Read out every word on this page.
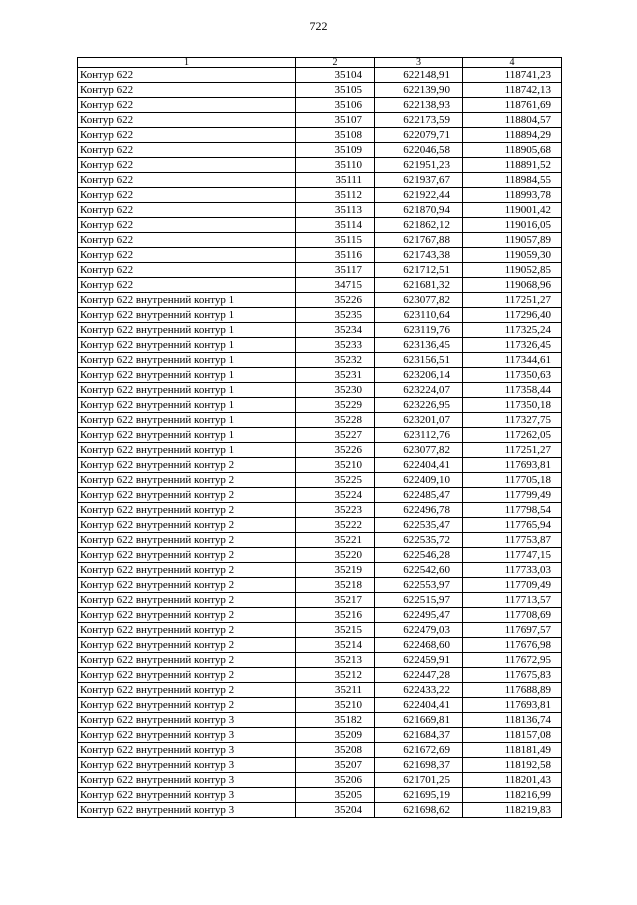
722
1	2	3	4
Контур 622	35104	622148,91	118741,23
Контур 622	35105	622139,90	118742,13
Контур 622	35106	622138,93	118761,69
Контур 622	35107	622173,59	118804,57
Контур 622	35108	622079,71	118894,29
Контур 622	35109	622046,58	118905,68
Контур 622	35110	621951,23	118891,52
Контур 622	35111	621937,67	118984,55
Контур 622	35112	621922,44	118993,78
Контур 622	35113	621870,94	119001,42
Контур 622	35114	621862,12	119016,05
Контур 622	35115	621767,88	119057,89
Контур 622	35116	621743,38	119059,30
Контур 622	35117	621712,51	119052,85
Контур 622	34715	621681,32	119068,96
Контур 622 внутренний контур 1	35226	623077,82	117251,27
Контур 622 внутренний контур 1	35235	623110,64	117296,40
Контур 622 внутренний контур 1	35234	623119,76	117325,24
Контур 622 внутренний контур 1	35233	623136,45	117326,45
Контур 622 внутренний контур 1	35232	623156,51	117344,61
Контур 622 внутренний контур 1	35231	623206,14	117350,63
Контур 622 внутренний контур 1	35230	623224,07	117358,44
Контур 622 внутренний контур 1	35229	623226,95	117350,18
Контур 622 внутренний контур 1	35228	623201,07	117327,75
Контур 622 внутренний контур 1	35227	623112,76	117262,05
Контур 622 внутренний контур 1	35226	623077,82	117251,27
Контур 622 внутренний контур 2	35210	622404,41	117693,81
Контур 622 внутренний контур 2	35225	622409,10	117705,18
Контур 622 внутренний контур 2	35224	622485,47	117799,49
Контур 622 внутренний контур 2	35223	622496,78	117798,54
Контур 622 внутренний контур 2	35222	622535,47	117765,94
Контур 622 внутренний контур 2	35221	622535,72	117753,87
Контур 622 внутренний контур 2	35220	622546,28	117747,15
Контур 622 внутренний контур 2	35219	622542,60	117733,03
Контур 622 внутренний контур 2	35218	622553,97	117709,49
Контур 622 внутренний контур 2	35217	622515,97	117713,57
Контур 622 внутренний контур 2	35216	622495,47	117708,69
Контур 622 внутренний контур 2	35215	622479,03	117697,57
Контур 622 внутренний контур 2	35214	622468,60	117676,98
Контур 622 внутренний контур 2	35213	622459,91	117672,95
Контур 622 внутренний контур 2	35212	622447,28	117675,83
Контур 622 внутренний контур 2	35211	622433,22	117688,89
Контур 622 внутренний контур 2	35210	622404,41	117693,81
Контур 622 внутренний контур 3	35182	621669,81	118136,74
Контур 622 внутренний контур 3	35209	621684,37	118157,08
Контур 622 внутренний контур 3	35208	621672,69	118181,49
Контур 622 внутренний контур 3	35207	621698,37	118192,58
Контур 622 внутренний контур 3	35206	621701,25	118201,43
Контур 622 внутренний контур 3	35205	621695,19	118216,99
Контур 622 внутренний контур 3	35204	621698,62	118219,83
